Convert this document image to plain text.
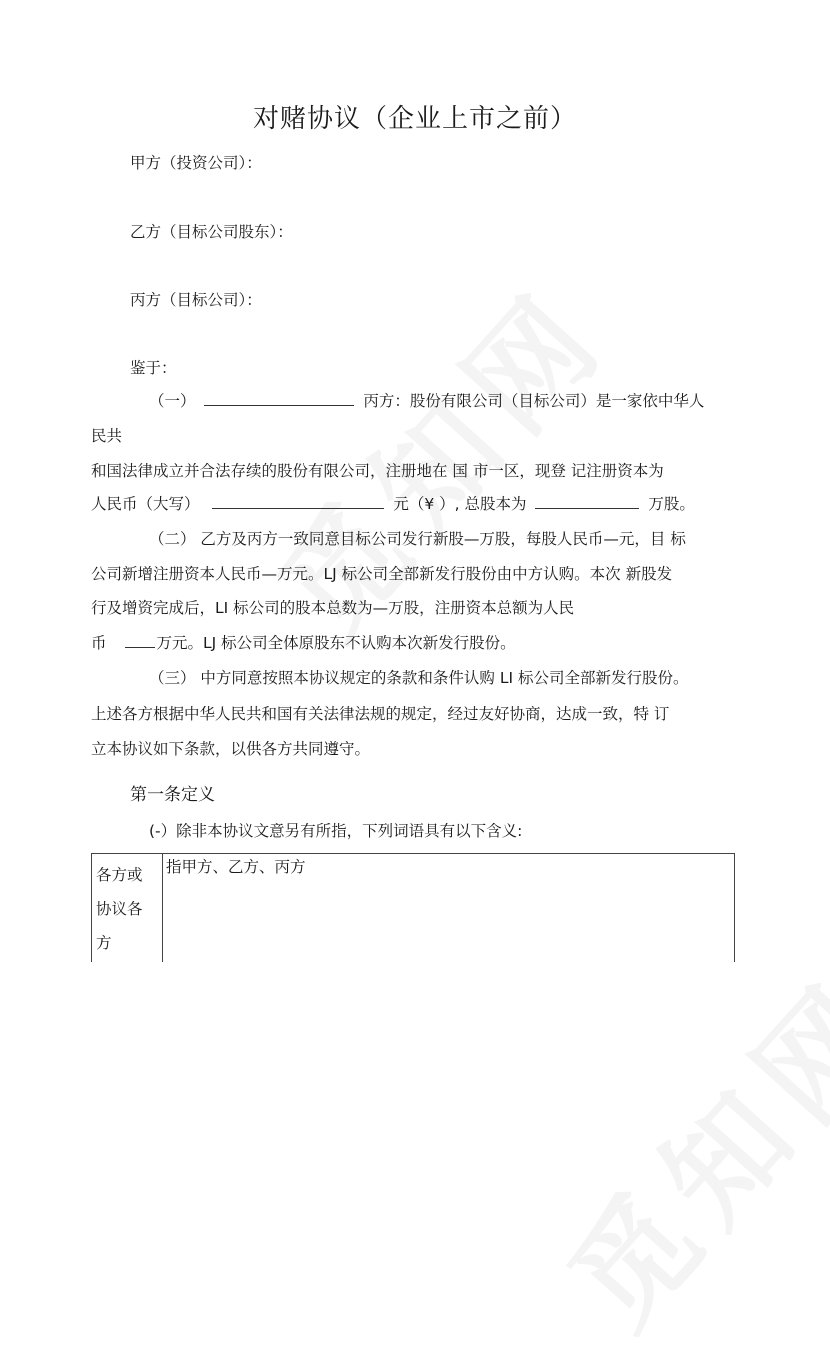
对赌协议（企业上市之前）
甲方（投资公司）：
乙方（目标公司股东）：
丙方（目标公司）：
鉴于：
（一）	丙方：股份有限公司（目标公司）是一家依中华人
民共
和国法律成立并合法存续的股份有限公司，注册地在 国 市一区，现登 记注册资本为
人民币（大写）	元（¥ ）, 总股本为	万股。
（二） 乙方及丙方一致同意目标公司发行新股—万股，每股人民币—元，目 标
公司新增注册资本人民币—万元。LJ 标公司全部新发行股份由中方认购。本次 新股发
行及增资完成后，LI 标公司的股本总数为—万股，注册资本总额为人民
币	万元。LJ 标公司全体原股东不认购本次新发行股份。
（三） 中方同意按照本协议规定的条款和条件认购 LI 标公司全部新发行股份。
上述各方根据中华人民共和国有关法律法规的规定，经过友好协商，达成一致，特 订
立本协议如下条款，以供各方共同遵守。
第一条定义
(-）除非本协议文意另有所指，下列词语具有以下含义:
各方或
协议各
方
	指甲方、乙方、丙方
